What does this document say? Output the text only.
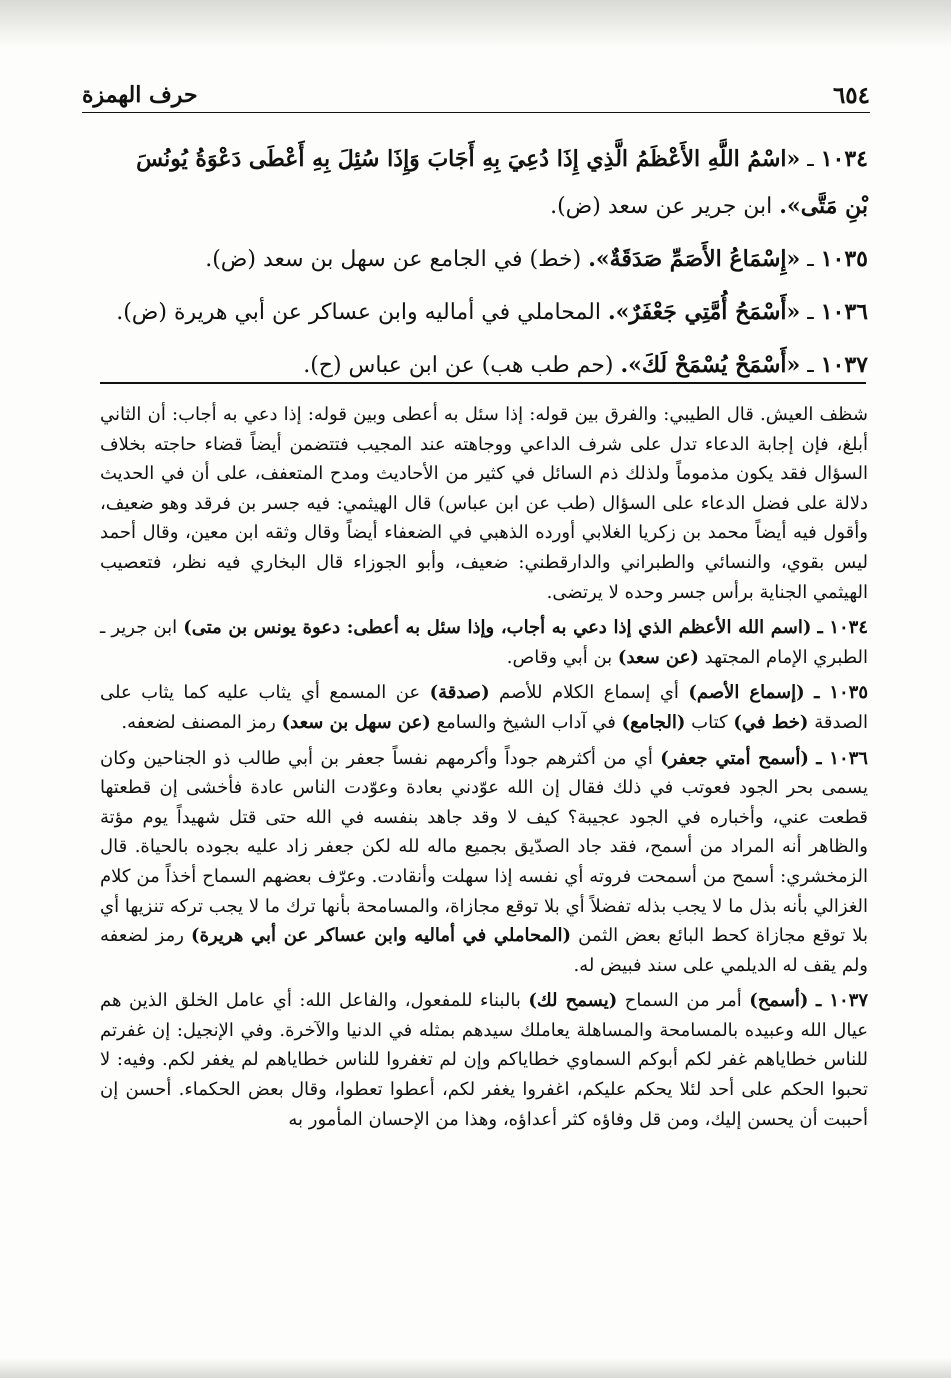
٦٥٤
حرف الهمزة

١٠٣٤ ـ «اسْمُ اللَّهِ الأَعْظَمُ الَّذِي إِذَا دُعِيَ بِهِ أَجَابَ وَإِذَا سُئِلَ بِهِ أَعْطَى دَعْوَةُ يُونُسَ بْنِ مَتَّى». ابن جرير عن سعد (ض).

١٠٣٥ ـ «إِسْمَاعُ الأَصَمِّ صَدَقَةٌ». (خط) في الجامع عن سهل بن سعد (ض).

١٠٣٦ ـ «أَسْمَحُ أُمَّتِي جَعْفَرٌ». المحاملي في أماليه وابن عساكر عن أبي هريرة (ض).

١٠٣٧ ـ «أَسْمَحْ يُسْمَحْ لَكَ». (حم طب هب) عن ابن عباس (ح).

شظف العيش. قال الطيبي: والفرق بين قوله: إذا سئل به أعطى وبين قوله: إذا دعي به أجاب: أن الثاني أبلغ، فإن إجابة الدعاء تدل على شرف الداعي ووجاهته عند المجيب فتتضمن أيضاً قضاء حاجته بخلاف السؤال فقد يكون مذموماً ولذلك ذم السائل في كثير من الأحاديث ومدح المتعفف، على أن في الحديث دلالة على فضل الدعاء على السؤال (طب عن ابن عباس) قال الهيثمي: فيه جسر بن فرقد وهو ضعيف، وأقول فيه أيضاً محمد بن زكريا الغلابي أورده الذهبي في الضعفاء أيضاً وقال وثقه ابن معين، وقال أحمد ليس بقوي، والنسائي والطبراني والدارقطني: ضعيف، وأبو الجوزاء قال البخاري فيه نظر، فتعصيب الهيثمي الجناية برأس جسر وحده لا يرتضى.

١٠٣٤ ـ (اسم الله الأعظم الذي إذا دعي به أجاب، وإذا سئل به أعطى: دعوة يونس بن متى) ابن جرير ـ الطبري الإمام المجتهد (عن سعد) بن أبي وقاص.

١٠٣٥ ـ (إسماع الأصم) أي إسماع الكلام للأصم (صدقة) عن المسمع أي يثاب عليه كما يثاب على الصدقة (خط في) كتاب (الجامع) في آداب الشيخ والسامع (عن سهل بن سعد) رمز المصنف لضعفه.

١٠٣٦ ـ (أسمح أمتي جعفر) أي من أكثرهم جوداً وأكرمهم نفساً جعفر بن أبي طالب ذو الجناحين وكان يسمى بحر الجود فعوتب في ذلك فقال إن الله عوّدني بعادة وعوّدت الناس عادة فأخشى إن قطعتها قطعت عني، وأخباره في الجود عجيبة؟ كيف لا وقد جاهد بنفسه في الله حتى قتل شهيداً يوم مؤتة والظاهر أنه المراد من أسمح، فقد جاد الصدّيق بجميع ماله لله لكن جعفر زاد عليه بجوده بالحياة. قال الزمخشري: أسمح من أسمحت فروته أي نفسه إذا سهلت وأنقادت. وعرّف بعضهم السماح أخذاً من كلام الغزالي بأنه بذل ما لا يجب بذله تفضلاً أي بلا توقع مجازاة، والمسامحة بأنها ترك ما لا يجب تركه تنزيها أي بلا توقع مجازاة كحط البائع بعض الثمن (المحاملي في أماليه وابن عساكر عن أبي هريرة) رمز لضعفه ولم يقف له الديلمي على سند فبيض له.

١٠٣٧ ـ (أسمح) أمر من السماح (يسمح لك) بالبناء للمفعول، والفاعل الله: أي عامل الخلق الذين هم عيال الله وعبيده بالمسامحة والمساهلة يعاملك سيدهم بمثله في الدنيا والآخرة. وفي الإنجيل: إن غفرتم للناس خطاياهم غفر لكم أبوكم السماوي خطاياكم وإن لم تغفروا للناس خطاياهم لم يغفر لكم. وفيه: لا تحبوا الحكم على أحد لئلا يحكم عليكم، اغفروا يغفر لكم، أعطوا تعطوا، وقال بعض الحكماء. أحسن إن أحببت أن يحسن إليك، ومن قل وفاؤه كثر أعداؤه، وهذا من الإحسان المأمور به
